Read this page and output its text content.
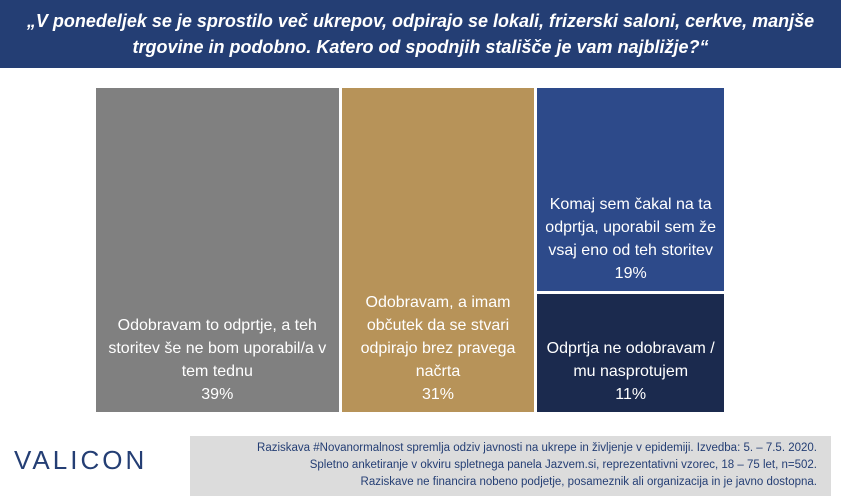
„V ponedeljek se je sprostilo več ukrepov, odpirajo se lokali, frizerski saloni, cerkve, manjše trgovine in podobno. Katero od spodnjih stališče je vam najbližje?“
Odobravam to odprtje, a teh storitev še ne bom uporabil/a v tem tednu
39%
Odobravam, a imam občutek da se stvari odpirajo brez pravega načrta
31%
Komaj sem čakal na ta odprtja, uporabil sem že vsaj eno od teh storitev
19%
Odprtja ne odobravam / mu nasprotujem
11%
VALICON	Raziskava #Novanormalnost spremlja odziv javnosti na ukrepe in življenje v epidemiji. Izvedba: 5. – 7.5. 2020.
Spletno anketiranje v okviru spletnega panela Jazvem.si, reprezentativni vzorec, 18 – 75 let, n=502.
Raziskave ne financira nobeno podjetje, posameznik ali organizacija in je javno dostopna.
